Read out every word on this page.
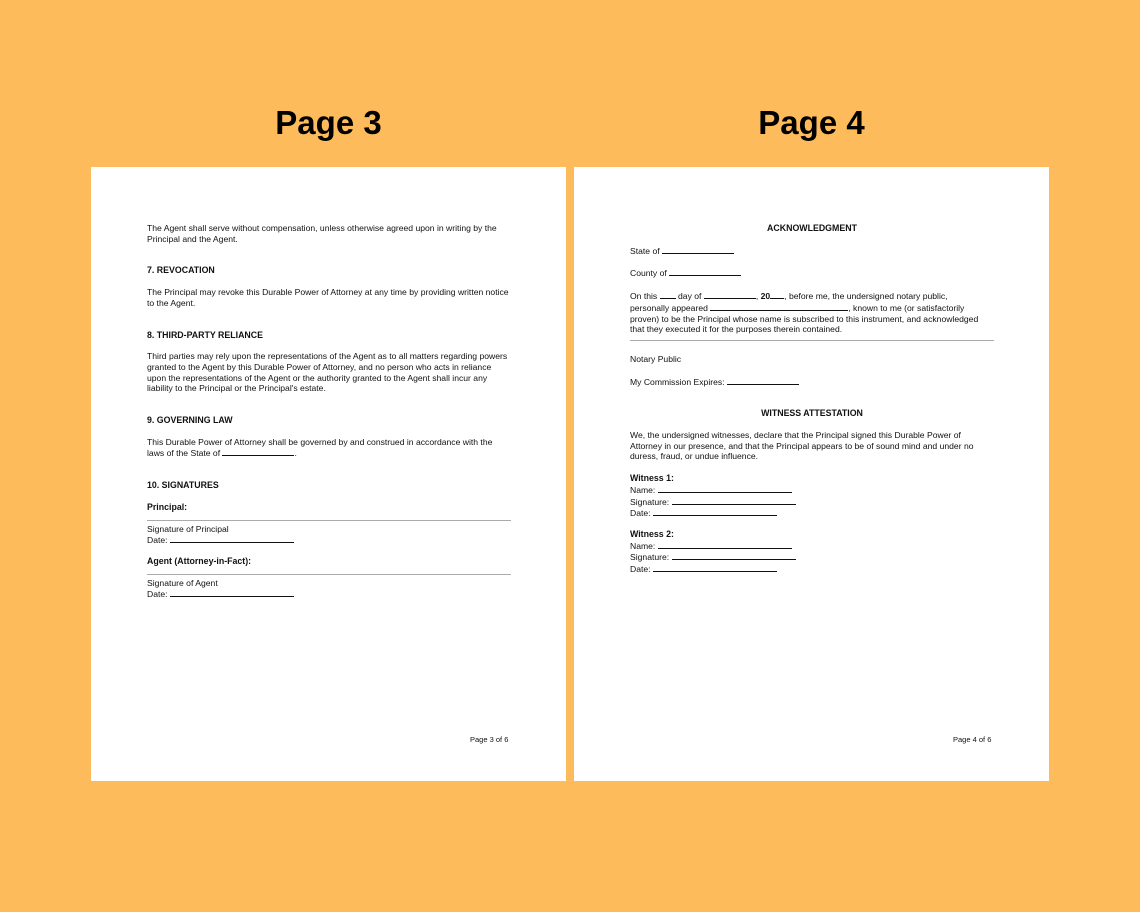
Page 3	Page 4

The Agent shall serve without compensation, unless otherwise agreed upon in writing by the Principal and the Agent.

7. REVOCATION

The Principal may revoke this Durable Power of Attorney at any time by providing written notice to the Agent.

8. THIRD-PARTY RELIANCE

Third parties may rely upon the representations of the Agent as to all matters regarding powers granted to the Agent by this Durable Power of Attorney, and no person who acts in reliance upon the representations of the Agent or the authority granted to the Agent shall incur any liability to the Principal or the Principal's estate.

9. GOVERNING LAW

This Durable Power of Attorney shall be governed by and construed in accordance with the laws of the State of	.

10. SIGNATURES

Principal:

Signature of Principal

Date:

Agent (Attorney-in-Fact):

Signature of Agent

Date:

Page 3 of 6

ACKNOWLEDGMENT

State of

County of

On this day of	, 20 , before me, the undersigned notary public,
personally appeared	, known to me (or satisfactorily
proven) to be the Principal whose name is subscribed to this instrument, and acknowledged that they executed it for the purposes therein contained.

Notary Public

My Commission Expires:

WITNESS ATTESTATION

We, the undersigned witnesses, declare that the Principal signed this Durable Power of Attorney in our presence, and that the Principal appears to be of sound mind and under no duress, fraud, or undue influence.

Witness 1:

Name:

Signature:

Date:

Witness 2:

Name:

Signature:

Date:

Page 4 of 6
